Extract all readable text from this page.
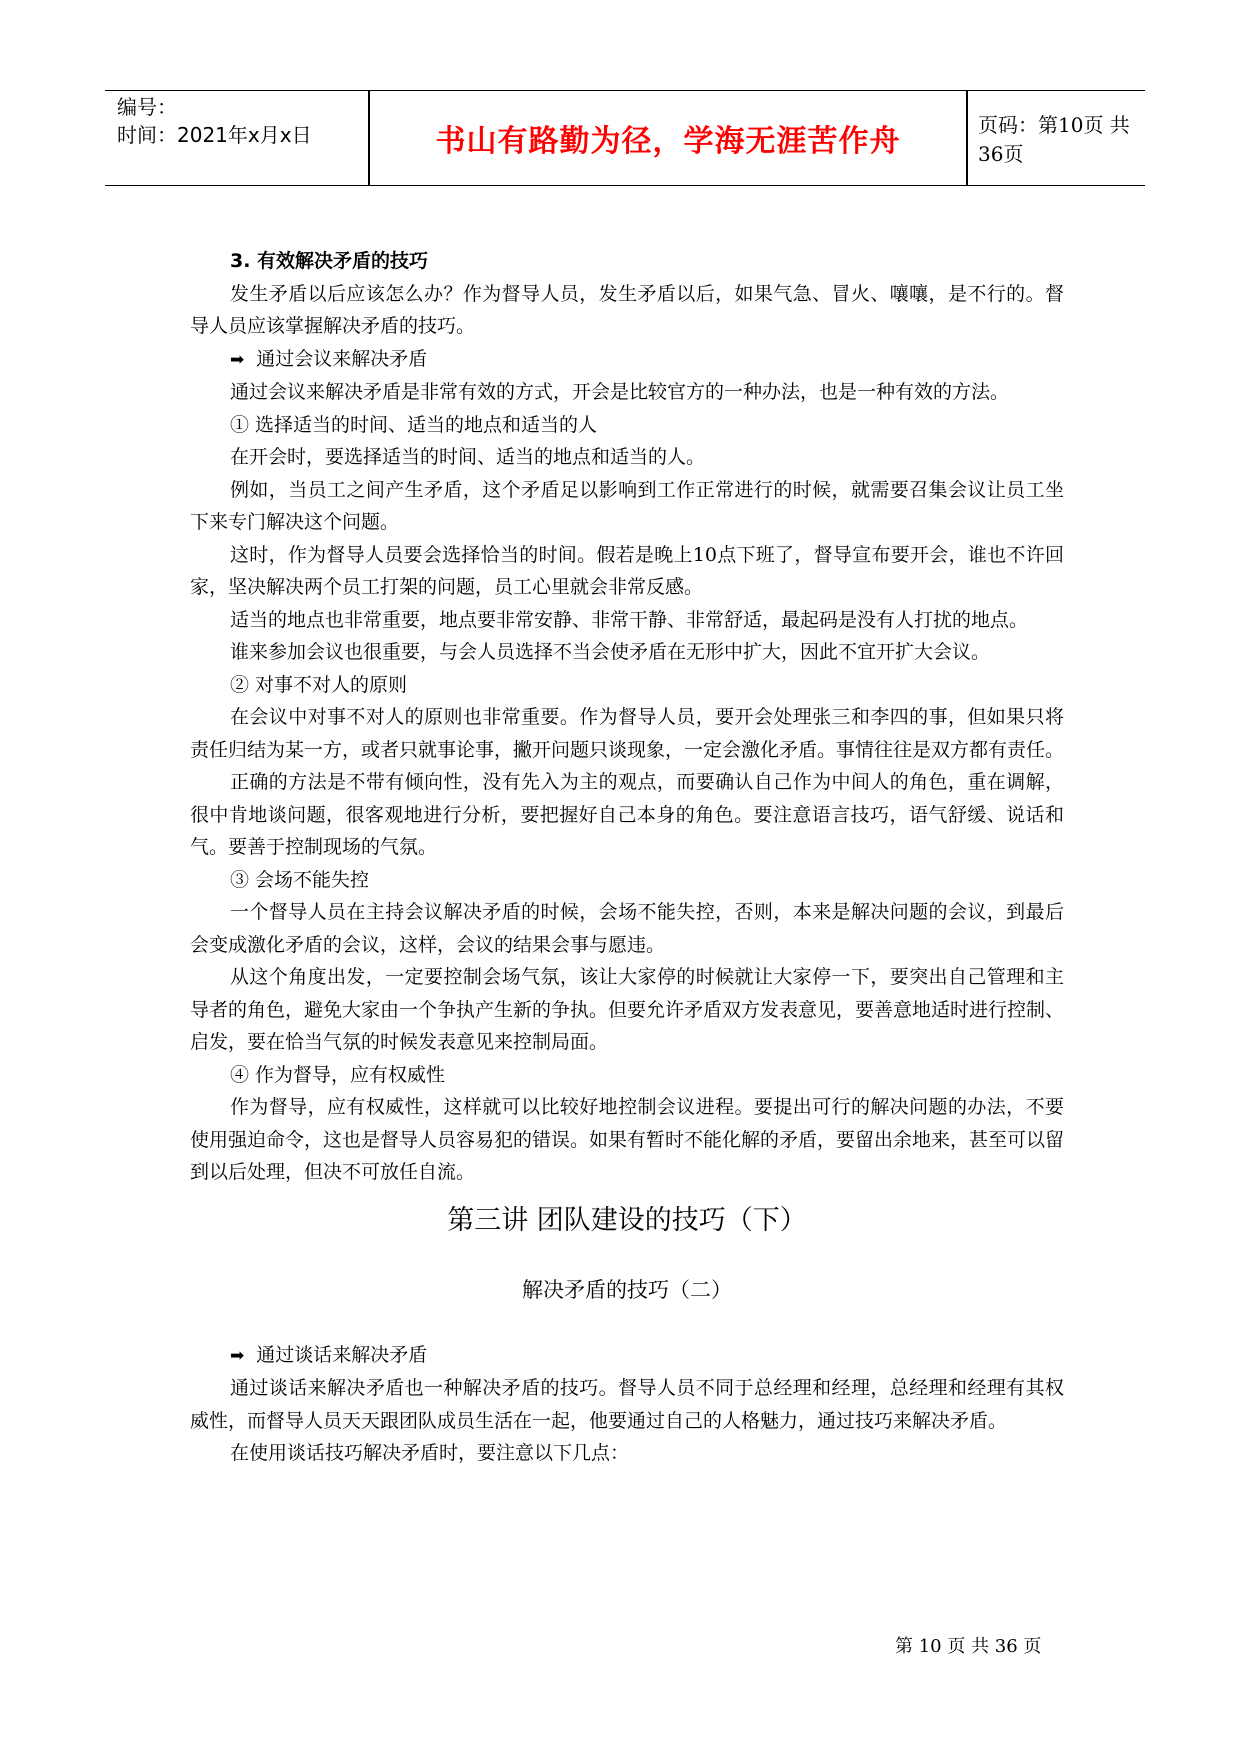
编号：
时间：2021年x月x日	书山有路勤为径，学海无涯苦作舟	页码：第10页 共36页

3. 有效解决矛盾的技巧

发生矛盾以后应该怎么办？作为督导人员，发生矛盾以后，如果气急、冒火、嚷嚷，是不行的。督导人员应该掌握解决矛盾的技巧。

➡ 通过会议来解决矛盾

通过会议来解决矛盾是非常有效的方式，开会是比较官方的一种办法，也是一种有效的方法。

① 选择适当的时间、适当的地点和适当的人

在开会时，要选择适当的时间、适当的地点和适当的人。

例如，当员工之间产生矛盾，这个矛盾足以影响到工作正常进行的时候，就需要召集会议让员工坐下来专门解决这个问题。

这时，作为督导人员要会选择恰当的时间。假若是晚上10点下班了，督导宣布要开会，谁也不许回家，坚决解决两个员工打架的问题，员工心里就会非常反感。

适当的地点也非常重要，地点要非常安静、非常干静、非常舒适，最起码是没有人打扰的地点。

谁来参加会议也很重要，与会人员选择不当会使矛盾在无形中扩大，因此不宜开扩大会议。

② 对事不对人的原则

在会议中对事不对人的原则也非常重要。作为督导人员，要开会处理张三和李四的事，但如果只将责任归结为某一方，或者只就事论事，撇开问题只谈现象，一定会激化矛盾。事情往往是双方都有责任。

正确的方法是不带有倾向性，没有先入为主的观点，而要确认自己作为中间人的角色，重在调解，很中肯地谈问题，很客观地进行分析，要把握好自己本身的角色。要注意语言技巧，语气舒缓、说话和气。要善于控制现场的气氛。

③ 会场不能失控

一个督导人员在主持会议解决矛盾的时候，会场不能失控，否则，本来是解决问题的会议，到最后会变成激化矛盾的会议，这样，会议的结果会事与愿违。

从这个角度出发，一定要控制会场气氛，该让大家停的时候就让大家停一下，要突出自己管理和主导者的角色，避免大家由一个争执产生新的争执。但要允许矛盾双方发表意见，要善意地适时进行控制、启发，要在恰当气氛的时候发表意见来控制局面。

④ 作为督导，应有权威性

作为督导，应有权威性，这样就可以比较好地控制会议进程。要提出可行的解决问题的办法，不要使用强迫命令，这也是督导人员容易犯的错误。如果有暂时不能化解的矛盾，要留出余地来，甚至可以留到以后处理，但决不可放任自流。

第三讲 团队建设的技巧（下）

解决矛盾的技巧（二）

➡ 通过谈话来解决矛盾

通过谈话来解决矛盾也一种解决矛盾的技巧。督导人员不同于总经理和经理，总经理和经理有其权威性，而督导人员天天跟团队成员生活在一起，他要通过自己的人格魅力，通过技巧来解决矛盾。

在使用谈话技巧解决矛盾时，要注意以下几点：

第 10 页 共 36 页
